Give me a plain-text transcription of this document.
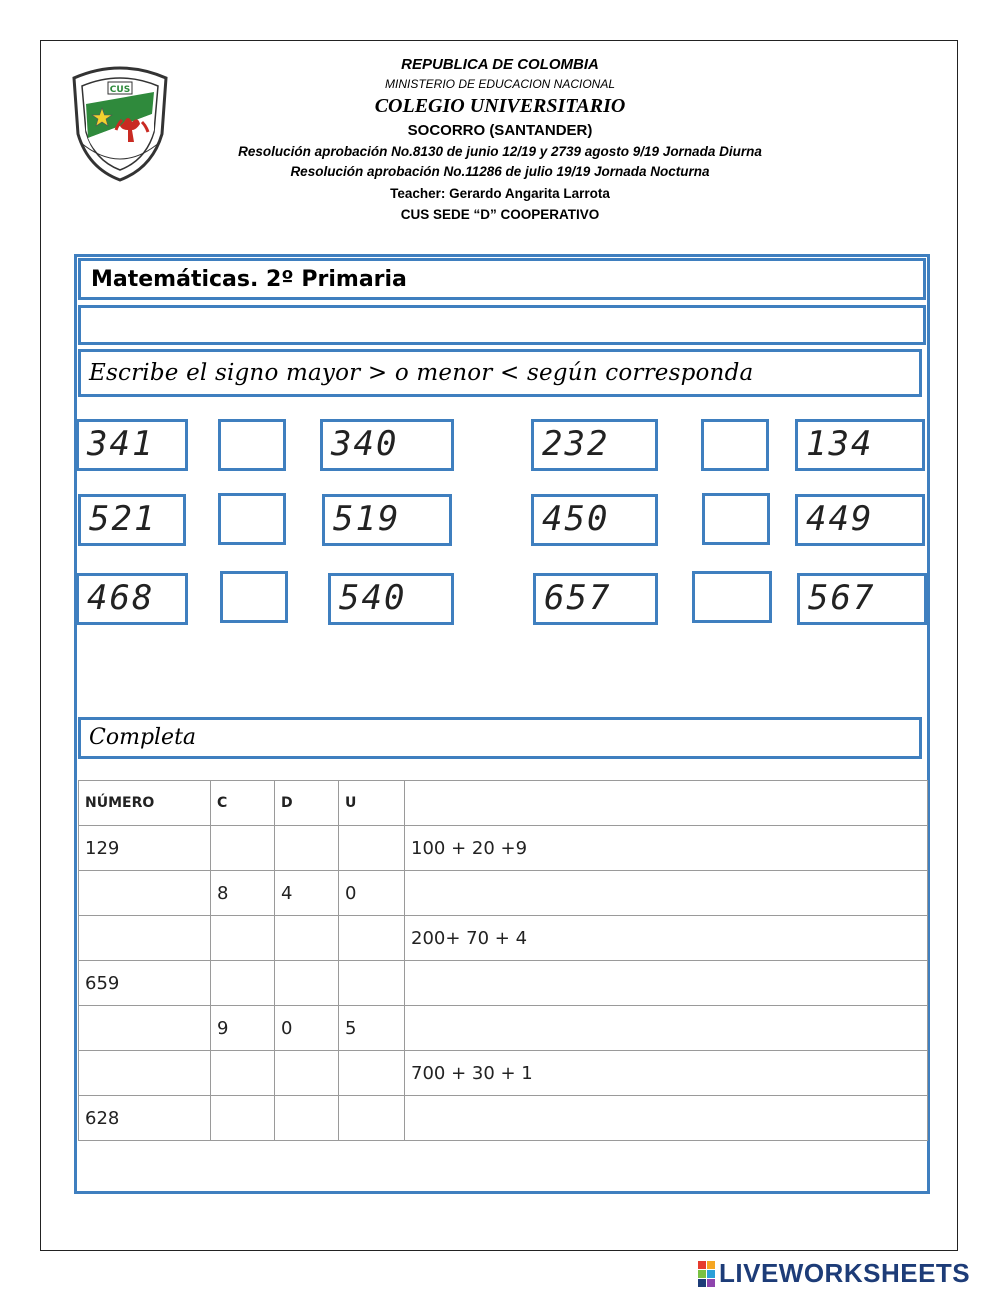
CUS
REPUBLICA DE COLOMBIA
MINISTERIO DE EDUCACION NACIONAL
COLEGIO UNIVERSITARIO
SOCORRO (SANTANDER)
Resolución aprobación No.8130 de junio 12/19 y 2739 agosto 9/19 Jornada Diurna
Resolución aprobación No.11286 de julio 19/19 Jornada Nocturna
Teacher: Gerardo Angarita Larrota
CUS SEDE “D” COOPERATIVO
Matemáticas. 2º Primaria
Escribe el signo mayor > o menor < según corresponda
341	340	232	134
521	519	450	449
468	540	657	567
Completa
NÚMERO	C	D	U	
129				100 + 20 +9
	8	4	0	
				200+ 70 + 4
659				
	9	0	5	
				700 + 30 + 1
628				
LIVEWORKSHEETS
